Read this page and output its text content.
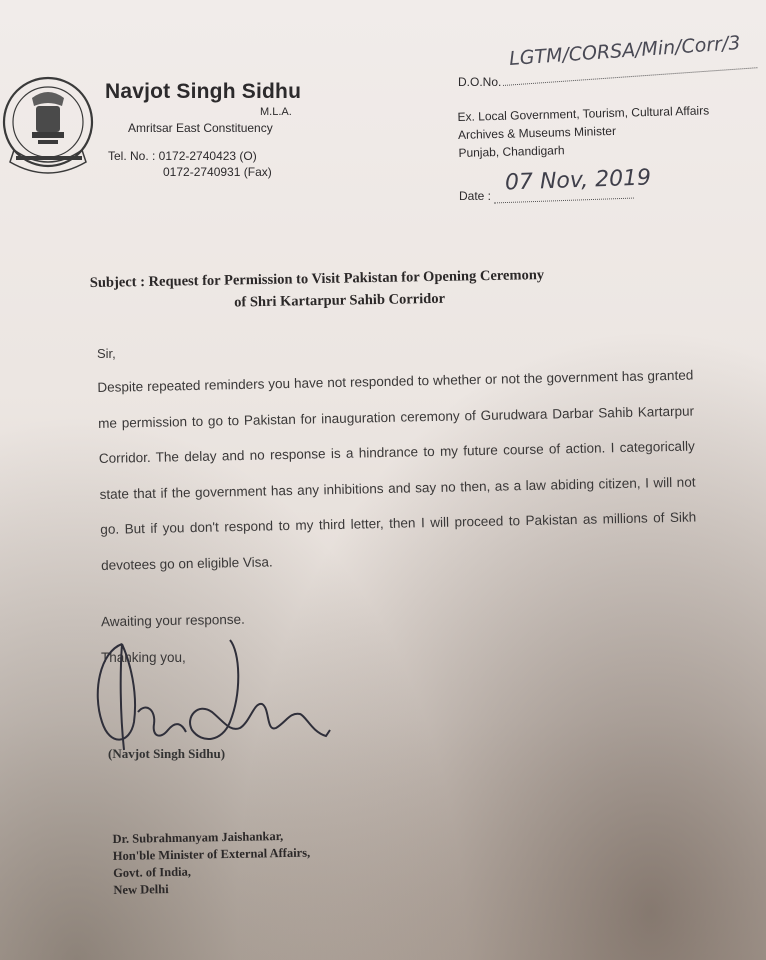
Navjot Singh Sidhu
M.L.A.
Amritsar East Constituency
Tel. No. : 0172-2740423 (O)
0172-2740931 (Fax)
D.O.No.
LGTM/CORSA/Min/Corr/3
Ex. Local Government, Tourism, Cultural Affairs
Archives & Museums Minister
Punjab, Chandigarh
Date :
07 Nov, 2019
Subject : Request for Permission to Visit Pakistan for Opening Ceremony
of Shri Kartarpur Sahib Corridor
Sir,
Despite repeated reminders you have not responded to whether or not the government has granted me permission to go to Pakistan for inauguration ceremony of Gurudwara Darbar Sahib Kartarpur Corridor. The delay and no response is a hindrance to my future course of action. I categorically state that if the government has any inhibitions and say no then, as a law abiding citizen, I will not go. But if you don't respond to my third letter, then I will proceed to Pakistan as millions of Sikh devotees go on eligible Visa.
Awaiting your response.
Thanking you,
(Navjot Singh Sidhu)
Dr. Subrahmanyam Jaishankar,
Hon'ble Minister of External Affairs,
Govt. of India,
New Delhi
